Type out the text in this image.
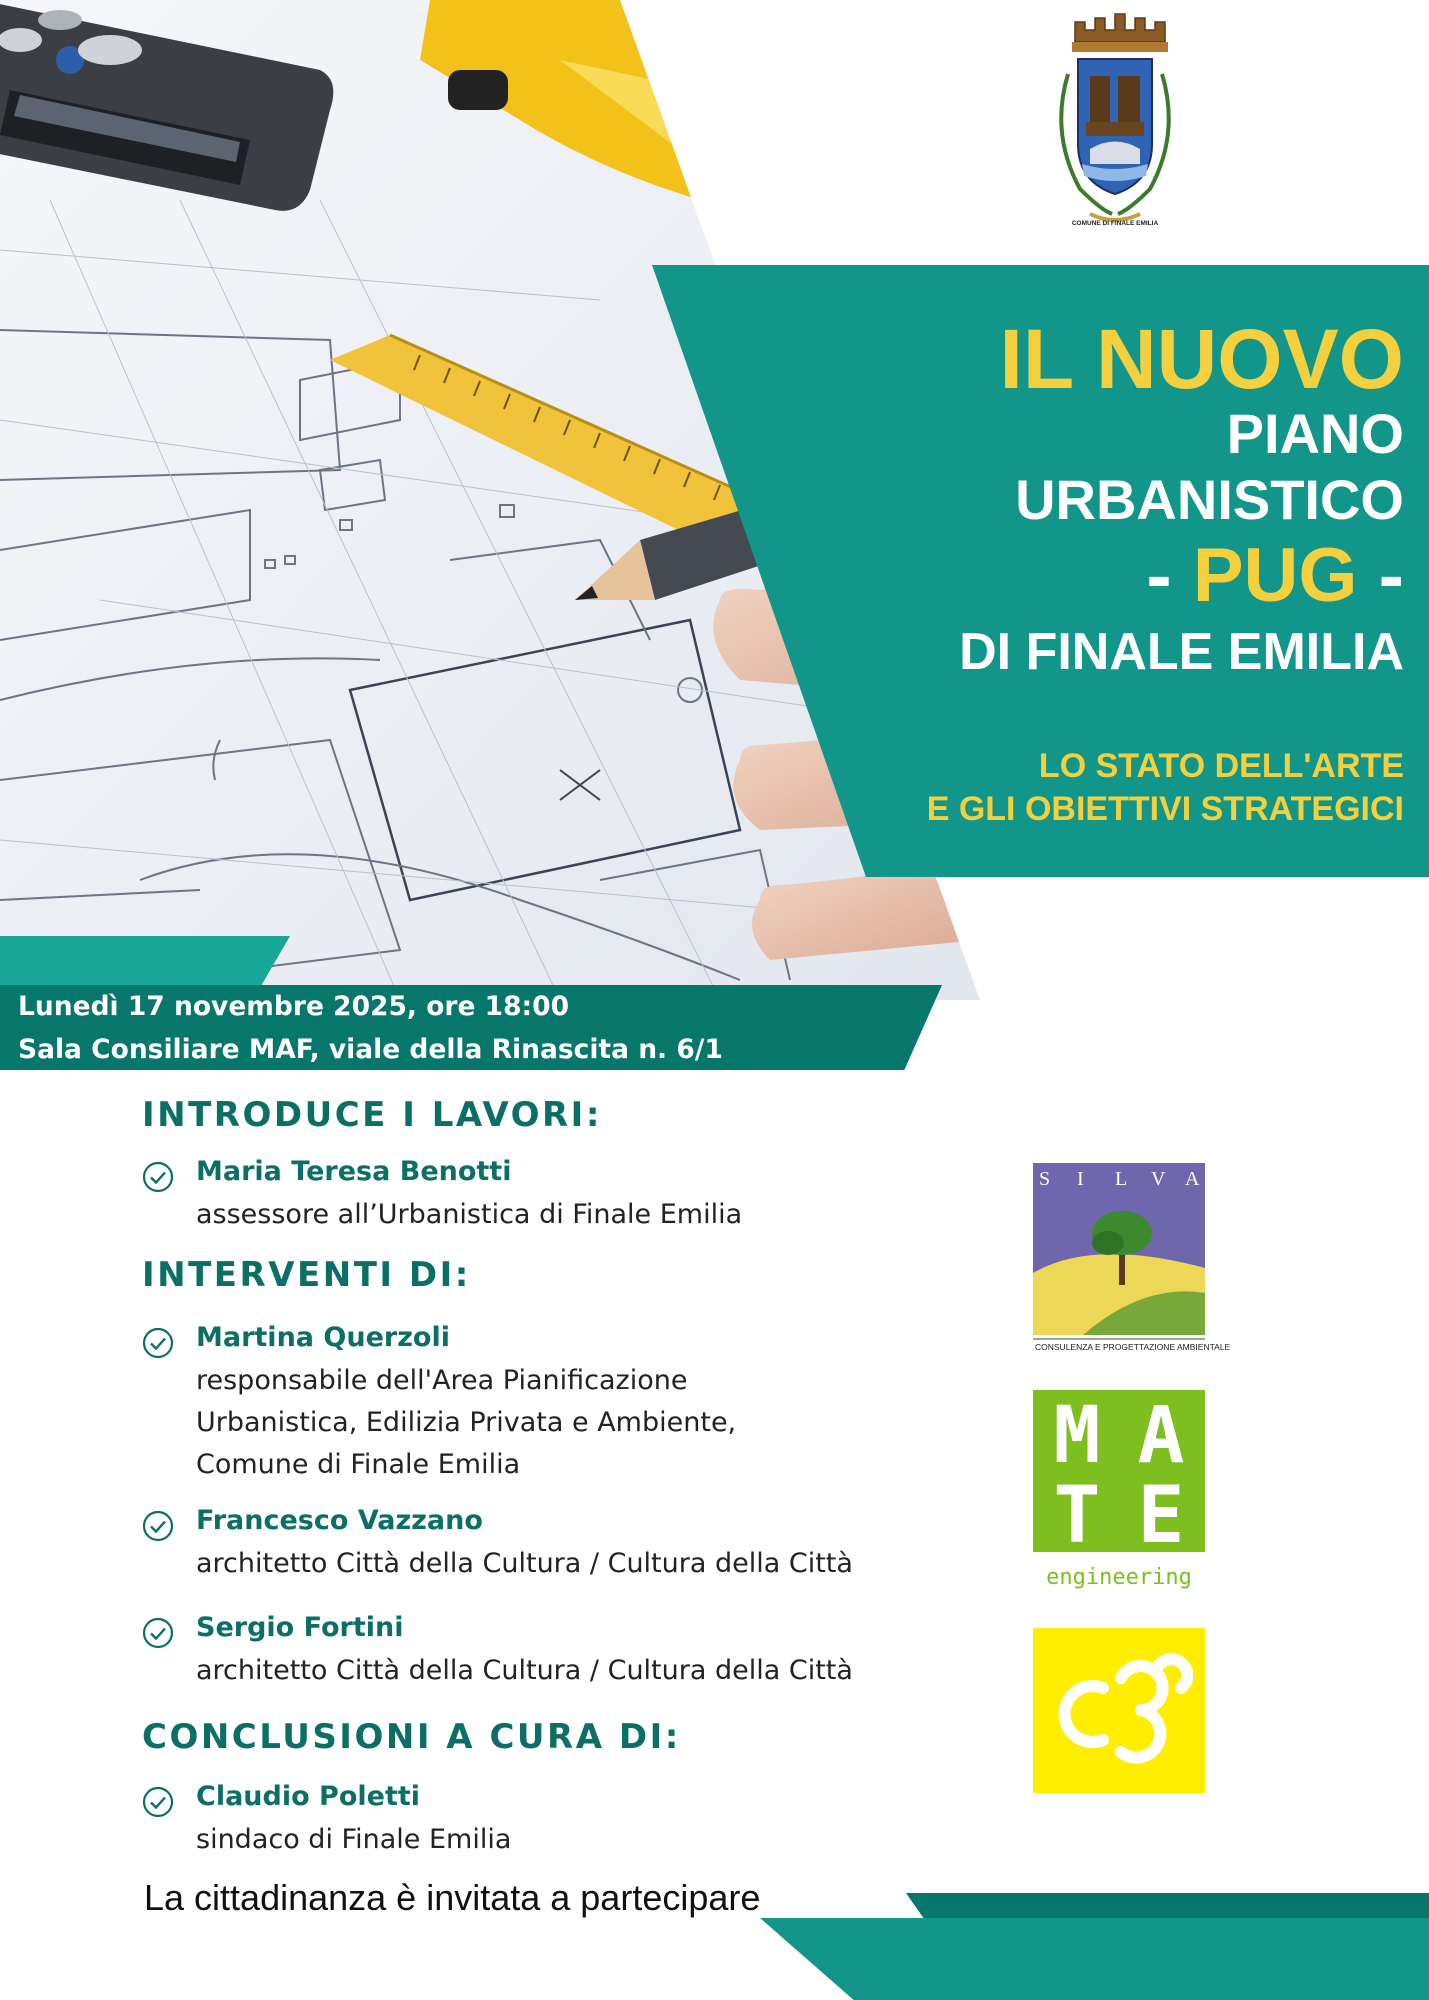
COMUNE DI FINALE EMILIA
IL NUOVO
PIANO
URBANISTICO
- PUG -
DI FINALE EMILIA
LO STATO DELL'ARTE
E GLI OBIETTIVI STRATEGICI
Lunedì 17 novembre 2025, ore 18:00
Sala Consiliare MAF, viale della Rinascita n. 6/1
INTRODUCE I LAVORI:
Maria Teresa Benotti
assessore all’Urbanistica di Finale Emilia
INTERVENTI DI:
Martina Querzoli
responsabile dell'Area Pianificazione
Urbanistica, Edilizia Privata e Ambiente,
Comune di Finale Emilia
Francesco Vazzano
architetto Città della Cultura / Cultura della Città
Sergio Fortini
architetto Città della Cultura / Cultura della Città
CONCLUSIONI A CURA DI:
Claudio Poletti
sindaco di Finale Emilia
La cittadinanza è invitata a partecipare
S I L V A
CONSULENZA E PROGETTAZIONE AMBIENTALE
M A
T E
engineering
